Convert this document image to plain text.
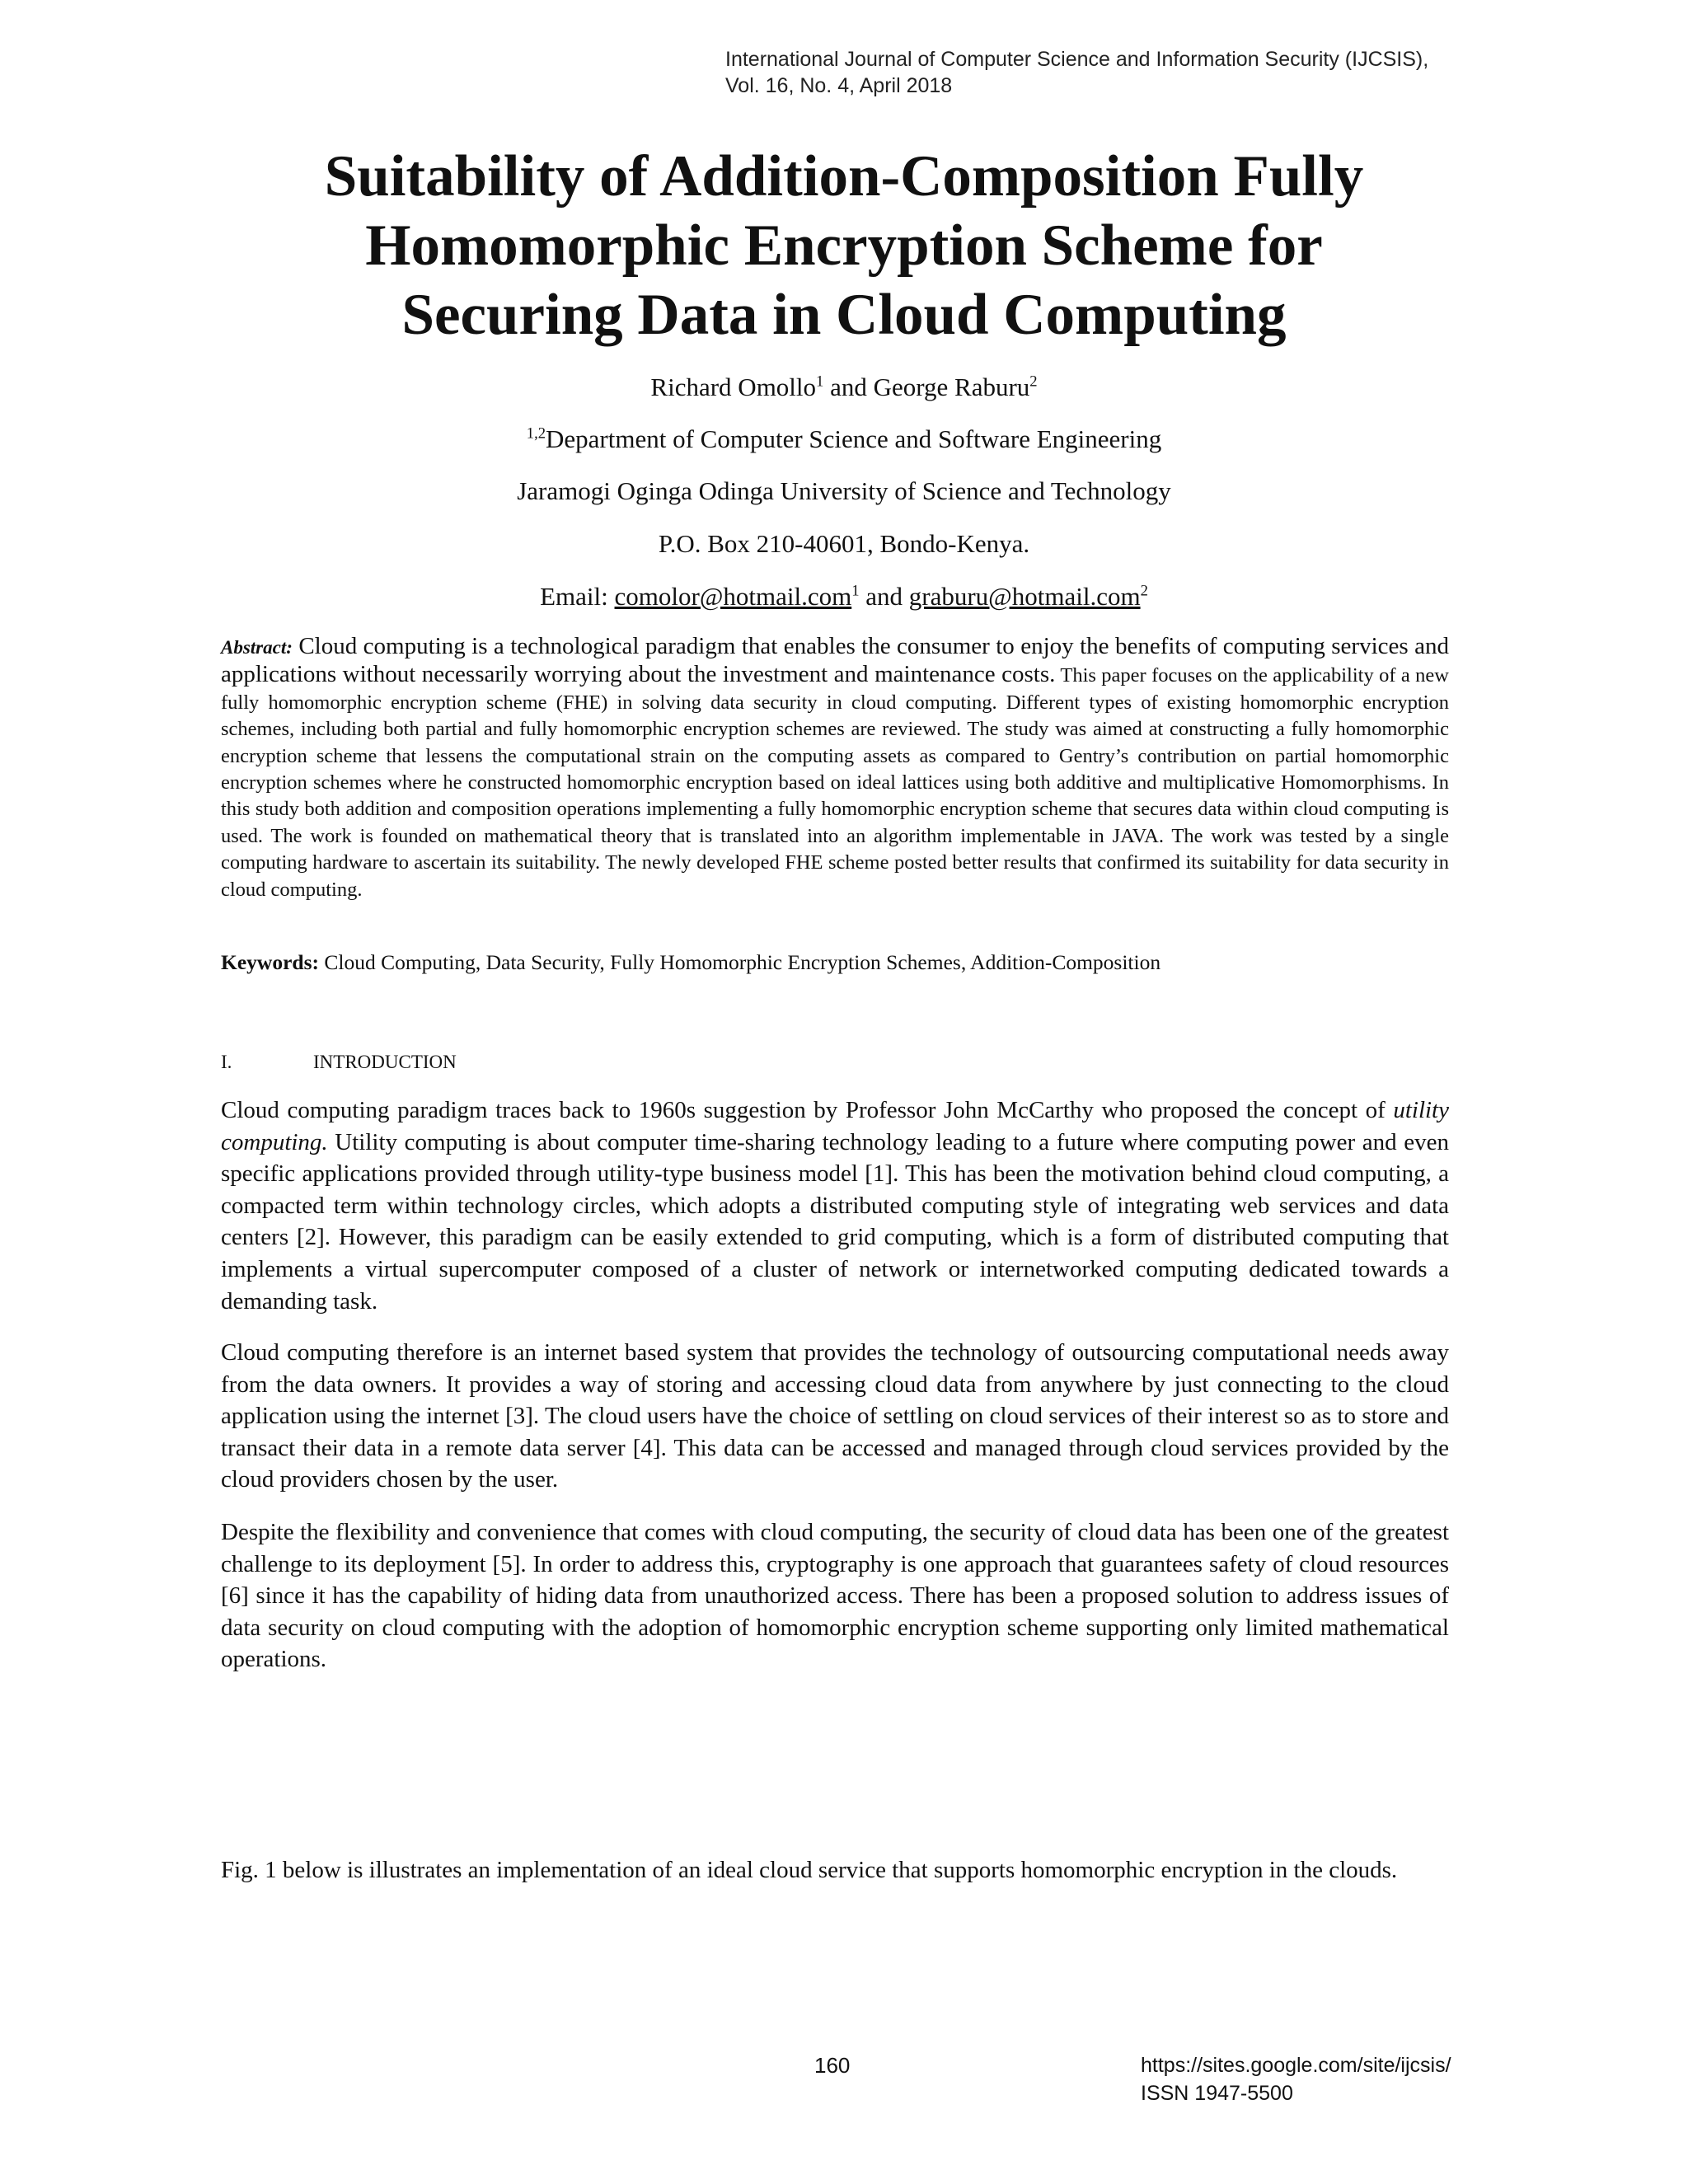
International Journal of Computer Science and Information Security (IJCSIS),
Vol. 16, No. 4, April 2018
Suitability of Addition-Composition Fully
Homomorphic Encryption Scheme for
Securing Data in Cloud Computing
Richard Omollo$^1$ and George Raburu$^2$
$^{1,2}$Department of Computer Science and Software Engineering
Jaramogi Oginga Odinga University of Science and Technology
P.O. Box 210-40601, Bondo-Kenya.
Email: comolor@hotmail.com$^1$ and graburu@hotmail.com$^2$

Abstract: Cloud computing is a technological paradigm that enables the consumer to enjoy the benefits of computing services and applications without necessarily worrying about the investment and maintenance costs. This paper focuses on the applicability of a new fully homomorphic encryption scheme (FHE) in solving data security in cloud computing. Different types of existing homomorphic encryption schemes, including both partial and fully homomorphic encryption schemes are reviewed. The study was aimed at constructing a fully homomorphic encryption scheme that lessens the computational strain on the computing assets as compared to Gentry’s contribution on partial homomorphic encryption schemes where he constructed homomorphic encryption based on ideal lattices using both additive and multiplicative Homomorphisms. In this study both addition and composition operations implementing a fully homomorphic encryption scheme that secures data within cloud computing is used. The work is founded on mathematical theory that is translated into an algorithm implementable in JAVA. The work was tested by a single computing hardware to ascertain its suitability. The newly developed FHE scheme posted better results that confirmed its suitability for data security in cloud computing.

Keywords: Cloud Computing, Data Security, Fully Homomorphic Encryption Schemes, Addition-Composition

I.	INTRODUCTION

Cloud computing paradigm traces back to 1960s suggestion by Professor John McCarthy who proposed the concept of utility computing. Utility computing is about computer time-sharing technology leading to a future where computing power and even specific applications provided through utility-type business model [1]. This has been the motivation behind cloud computing, a compacted term within technology circles, which adopts a distributed computing style of integrating web services and data centers [2]. However, this paradigm can be easily extended to grid computing, which is a form of distributed computing that implements a virtual supercomputer composed of a cluster of network or internetworked computing dedicated towards a demanding task.

Cloud computing therefore is an internet based system that provides the technology of outsourcing computational needs away from the data owners. It provides a way of storing and accessing cloud data from anywhere by just connecting to the cloud application using the internet [3]. The cloud users have the choice of settling on cloud services of their interest so as to store and transact their data in a remote data server [4]. This data can be accessed and managed through cloud services provided by the cloud providers chosen by the user.

Despite the flexibility and convenience that comes with cloud computing, the security of cloud data has been one of the greatest challenge to its deployment [5]. In order to address this, cryptography is one approach that guarantees safety of cloud resources [6] since it has the capability of hiding data from unauthorized access. There has been a proposed solution to address issues of data security on cloud computing with the adoption of homomorphic encryption scheme supporting only limited mathematical operations.

Fig. 1 below is illustrates an implementation of an ideal cloud service that supports homomorphic encryption in the clouds.

160	https://sites.google.com/site/ijcsis/
ISSN 1947-5500
